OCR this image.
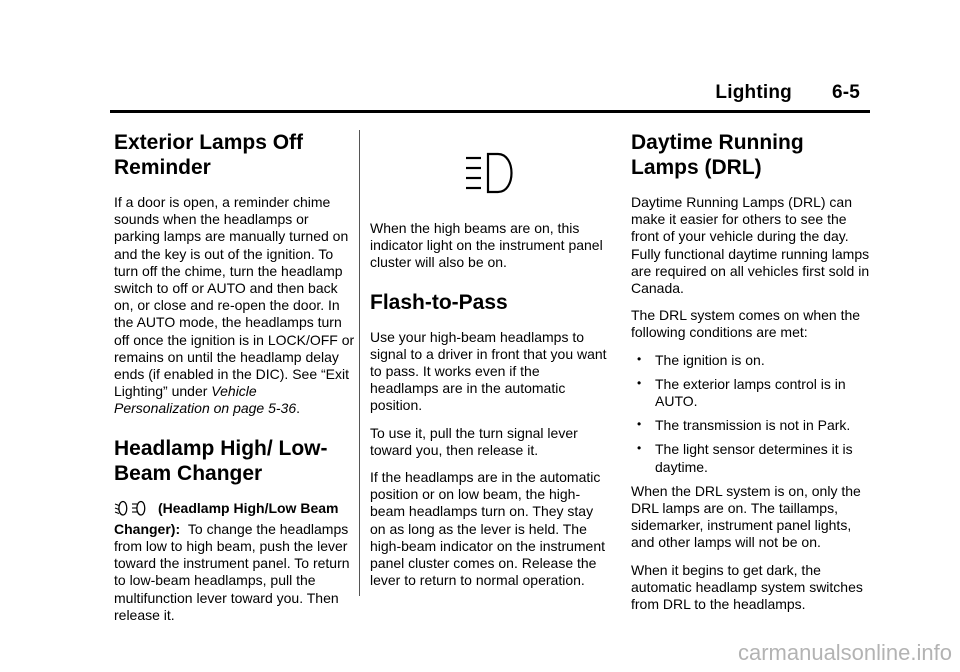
Lighting 6-5
Exterior Lamps Off Reminder

If a door is open, a reminder chime sounds when the headlamps or parking lamps are manually turned on and the key is out of the ignition. To turn off the chime, turn the headlamp switch to off or AUTO and then back on, or close and re-open the door. In the AUTO mode, the headlamps turn off once the ignition is in LOCK/OFF or remains on until the headlamp delay ends (if enabled in the DIC). See “Exit Lighting” under Vehicle Personalization on page 5-36.

Headlamp High/ Low-Beam Changer

(Headlamp High/Low Beam Changer): To change the headlamps from low to high beam, push the lever toward the instrument panel. To return to low-beam headlamps, pull the multifunction lever toward you. Then release it.

When the high beams are on, this indicator light on the instrument panel cluster will also be on.

Flash-to-Pass

Use your high-beam headlamps to signal to a driver in front that you want to pass. It works even if the headlamps are in the automatic position.

To use it, pull the turn signal lever toward you, then release it.

If the headlamps are in the automatic position or on low beam, the high-beam headlamps turn on. They stay on as long as the lever is held. The high-beam indicator on the instrument panel cluster comes on. Release the lever to return to normal operation.

Daytime Running Lamps (DRL)

Daytime Running Lamps (DRL) can make it easier for others to see the front of your vehicle during the day. Fully functional daytime running lamps are required on all vehicles first sold in Canada.

The DRL system comes on when the following conditions are met:

• The ignition is on.
• The exterior lamps control is in AUTO.
• The transmission is not in Park.
• The light sensor determines it is daytime.

When the DRL system is on, only the DRL lamps are on. The taillamps, sidemarker, instrument panel lights, and other lamps will not be on.

When it begins to get dark, the automatic headlamp system switches from DRL to the headlamps.

carmanualsonline.info
